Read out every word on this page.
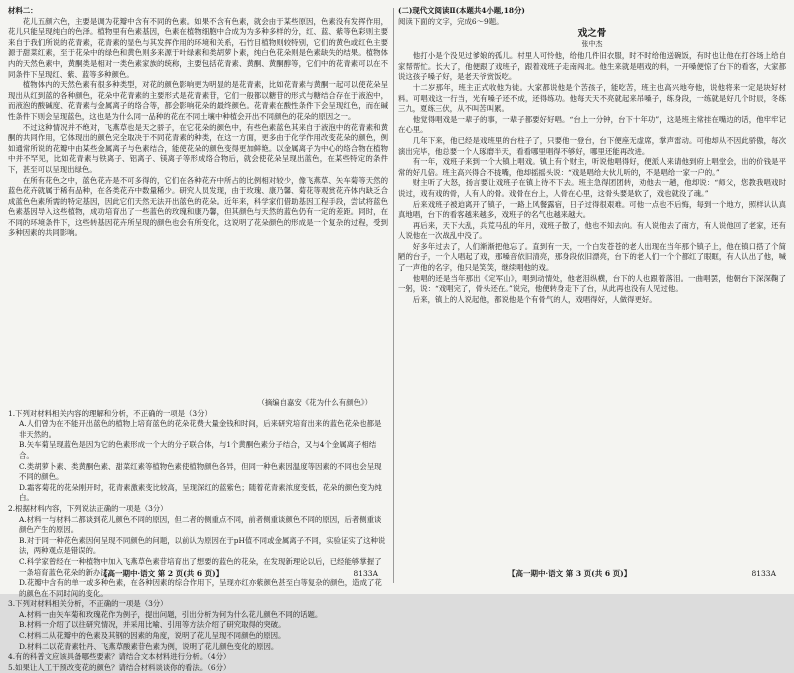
材料二：

花儿五颜六色，主要是调为花瓣中含有不同的色素。如果不含有色素，就会由于某些原因，色素没有发挥作用，花儿只能呈现纯白的色泽。植物里有色素基因，色素在植物细胞中合成为为多种多样的分，红、蓝、紫等色彩则主要来自于我们所说的花青素，花青素的显色与其发挥作用的环境和关系，石竹目植物则较特别，它们的黄色或红色主要源于甜菜红素，至于花朵中的绿色和黄色则多来源于叶绿素和类胡萝卜素，纯白色花朵则是色素缺失的结果。植物体内的天然色素中，黄酮类是相对一类色素家族的统称，主要包括花青素、黄酮、黄酮醇等，它们中的花青素可以在不同条件下呈现红、紫、蓝等多种颜色。

植物体内的天然色素有很多种类型，对花的颜色影响更为明显的是花青素，比如花青素与黄酮一起可以使花朵呈现出从红到蓝的各种颜色，花朵中花青素的主要形式是花青素苷，它们一般都以糖苷的形式与糖结合存在于液泡中，而液泡的酸碱度、花青素与金属离子的络合等，都会影响花朵的最终颜色。花青素在酸性条件下会呈现红色，而在碱性条件下则会呈现蓝色，这也是为什么同一品种的花在不同土壤中种植会开出不同颜色的花朵的原因之一。

不过这种情况并不绝对，飞燕草也是天之骄子，在它花朵的颜色中，有些色素蓝色其来自于液泡中的花青素和黄酮的共同作用，它体现出的颜色完全取决于不同花青素的种类，在这一方面，更多由于化学作用改变花朵的颜色，例如通常所说的花瓣中由某些金属离子与色素结合，能使花朵的颜色变得更加鲜艳。以金属离子为中心的络合物在植物中并不罕见，比如花青素与铁离子、铝离子、镁离子等形成络合物后，就会使花朵呈现出蓝色，在某些特定的条件下，甚至可以呈现出绿色。

在所有花色之中，蓝色花卉是不可多得的，它们在各种花卉中所占的比例相对较少，像飞燕草、矢车菊等天然的蓝色花卉就属于稀有品种，在各类花卉中数量稀少。研究人员发现，由于玫瑰、康乃馨、菊花等观赏花卉体内缺乏合成蓝色色素所需的特定基因，因此它们天然无法开出蓝色的花朵。近年来，科学家们借助基因工程手段，尝试将蓝色色素基因导入这些植物，成功培育出了一些蓝色的玫瑰和康乃馨，但其颜色与天然的蓝色仍有一定的差距。同时，在不同的环境条件下，这些转基因花卉所呈现的颜色也会有所变化，这说明了花朵颜色的形成是一个复杂的过程，受到多种因素的共同影响。

（摘编自嘉安《花为什么有颜色》）
1.下列对材料相关内容的理解和分析，不正确的一项是（3分）
A.人们曾为在不能开出蓝色的植物上培育蓝色的花朵花费大量金钱和时间，后来研究培育出来的蓝色花朵也都是非天然的。
B.矢车菊呈现蓝色是因为它的色素形成一个大的分子联合体，与1个黄酮色素分子结合，又与4个金属离子相结合。
C.类胡萝卜素、类黄酮色素、甜菜红素等植物色素使植物颜色各异，但同一种色素因温度等因素的不同也会呈现不同的颜色。
D.霜客菊花的花朵刚开时，花青素激素变比较高，呈现深红的蓝紫色；随着花青素浓度变低，花朵的颜色变为纯白。
2.根据材料内容，下列说法正确的一项是（3分）
A.材料一与材料二都谈到花儿颜色不同的原因，但二者的侧重点不同，前者侧重谈颜色不同的原因，后者侧重谈颜色产生的原因。
B.对于同一种花色素因何呈现不同颜色的问题，以前认为原因在于pH值不同或金属离子不同，实验证实了这种说法，两种观点是错误的。
C.科学家曾经在一种植物中加入飞燕草色素苷培育出了想要的蓝色的花朵，在发现新理论以后，已经能够掌握了一条培育蓝色花朵的新办法。
D.花瓣中含有的单一或多种色素，在各种因素的综合作用下，呈现亦红亦紫颜色甚至白等复杂的颜色，造成了花的颜色在不同时间的变化。
3.下列对材料相关分析，不正确的一项是（3分）
A.材料一由矢车菊和玫瑰花作为例子，提出问题，引出分析为何为什么花儿颜色不同的话题。
B.材料一介绍了以往研究情况，并采用比喻、引用等方法介绍了研究取得的突破。
C.材料二从花瓣中的色素及其钢的因素的角度，说明了花儿呈现不同颜色的原因。
D.材料二以花青素牡丹、飞燕草酸素苷色素为例，说明了花儿颜色变化的原因。
4.有的科普文应该具备哪些要素？请结合文本材料进行分析。（4分）
5.如果让人工干预改变花的颜色？请结合材料谈谈你的看法。（6分）
【高一期中·语文 第 2 页(共 6 页)】	8133A
(二)现代文阅读Ⅱ(本题共4小题,18分)
阅读下面的文字，完成6～9题。
戏之骨
张中杰

他打小是个没见过爹娘的孤儿。村里人可怜他，给他几件旧衣服，时不时给他送碗饭，有时也让他在打谷场上给自家帮帮忙。长大了，他便跟了戏班子，跟着戏班子走南闯北。他生来就是唱戏的料，一开嗓便惊了台下的看客，大家都说这孩子嗓子好，是老天爷赏饭吃。

十二岁那年，班主正式收他为徒。大家都说他是个苦孩子，能吃苦，班主也高兴地夸他，说他将来一定是块好材料。可唱戏这一行当，光有嗓子还不成，还得练功。他每天天不亮就起来吊嗓子，练身段，一练就是好几个时辰，冬练三九，夏练三伏，从不叫苦叫累。

他觉得唱戏是一辈子的事，一辈子都要好好唱。“台上一分钟，台下十年功”，这是班主常挂在嘴边的话，他牢牢记在心里。

几年下来，他已经是戏班里的台柱子了，只要他一登台，台下便座无虚席，掌声雷动。可他却从不因此骄傲，每次演出完毕，他总要一个人琢磨半天，看看哪里唱得不够好，哪里还能再改进。

有一年，戏班子来到一个大镇上唱戏。镇上有个财主，听说他唱得好，便派人来请他到府上唱堂会，出的价钱是平常的好几倍。班主高兴得合不拢嘴，他却摇摇头说：“戏是唱给大伙儿听的，不是唱给一家一户的。”

财主听了大怒，扬言要让戏班子在镇上待不下去。班主急得团团转，劝他去一趟，他却说：“师父，您教我唱戏时说过，戏有戏的骨，人有人的骨。戏骨在台上，人骨在心里，这骨头要是软了，戏也就没了魂。”

后来戏班子被迫离开了镇子，一路上风餐露宿，日子过得很艰难。可他一点也不后悔，每到一个地方，照样认认真真地唱，台下的看客越来越多，戏班子的名气也越来越大。

再后来，天下大乱，兵荒马乱的年月，戏班子散了，他也不知去向。有人说他去了南方，有人说他回了老家，还有人说他在一次战乱中没了。

好多年过去了，人们渐渐把他忘了。直到有一天，一个白发苍苍的老人出现在当年那个镇子上，他在镇口搭了个简陋的台子，一个人唱起了戏，那嗓音依旧清亮，那身段依旧漂亮，台下的老人们一个个都红了眼眶，有人认出了他，喊了一声他的名字，他只是笑笑，继续唱他的戏。

他唱的还是当年那出《定军山》，唱到动情处，他老泪纵横，台下的人也跟着落泪。一曲唱罢，他朝台下深深鞠了一躬，说：“戏唱完了，骨头还在。”说完，他便转身走下了台，从此再也没有人见过他。

后来，镇上的人说起他，都说他是个有骨气的人，戏唱得好，人做得更好。

【高一期中·语文 第 3 页(共 6 页)】	8133A
